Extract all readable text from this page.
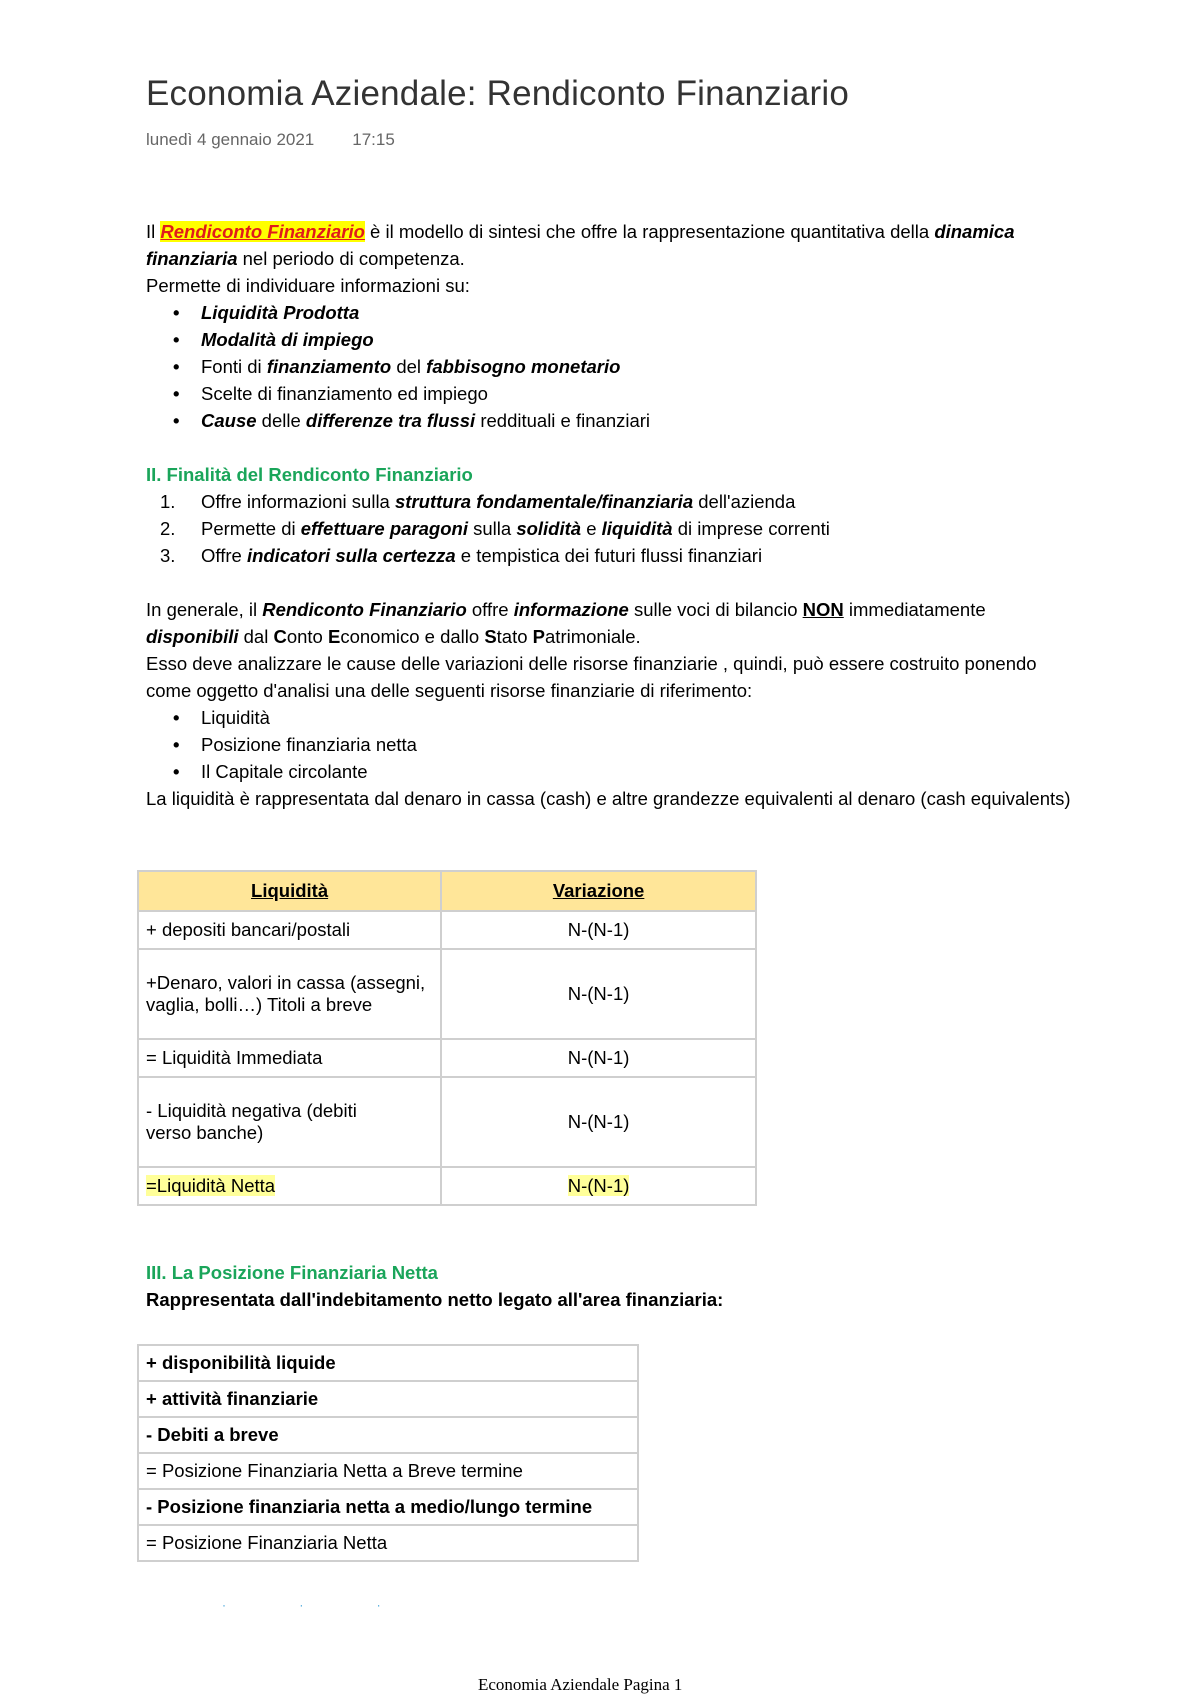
Economia Aziendale: Rendiconto Finanziario
lunedì 4 gennaio 2021 17:15

Il Rendiconto Finanziario è il modello di sintesi che offre la rappresentazione quantitativa della dinamica finanziaria nel periodo di competenza.

Permette di individuare informazioni su:

• Liquidità Prodotta
• Modalità di impiego
• Fonti di finanziamento del fabbisogno monetario
• Scelte di finanziamento ed impiego
• Cause delle differenze tra flussi reddituali e finanziari

II. Finalità del Rendiconto Finanziario

1. Offre informazioni sulla struttura fondamentale/finanziaria dell'azienda
2. Permette di effettuare paragoni sulla solidità e liquidità di imprese correnti
3. Offre indicatori sulla certezza e tempistica dei futuri flussi finanziari

In generale, il Rendiconto Finanziario offre informazione sulle voci di bilancio NON immediatamente disponibili dal Conto Economico e dallo Stato Patrimoniale.

Esso deve analizzare le cause delle variazioni delle risorse finanziarie , quindi, può essere costruito ponendo come oggetto d'analisi una delle seguenti risorse finanziarie di riferimento:

• Liquidità
• Posizione finanziaria netta
• Il Capitale circolante

La liquidità è rappresentata dal denaro in cassa (cash) e altre grandezze equivalenti al denaro (cash equivalents)

Liquidità	Variazione
+ depositi bancari/postali	N-(N-1)
+Denaro, valori in cassa (assegni, vaglia, bolli…) Titoli a breve	N-(N-1)
= Liquidità Immediata	N-(N-1)
- Liquidità negativa (debiti verso banche)	N-(N-1)
=Liquidità Netta	N-(N-1)
III. La Posizione Finanziaria Netta
Rappresentata dall'indebitamento netto legato all'area finanziaria:
+ disponibilità liquide
+ attività finanziarie
- Debiti a breve
= Posizione Finanziaria Netta a Breve termine
- Posizione finanziaria netta a medio/lungo termine
= Posizione Finanziaria Netta
· · ·
Economia Aziendale Pagina 1
